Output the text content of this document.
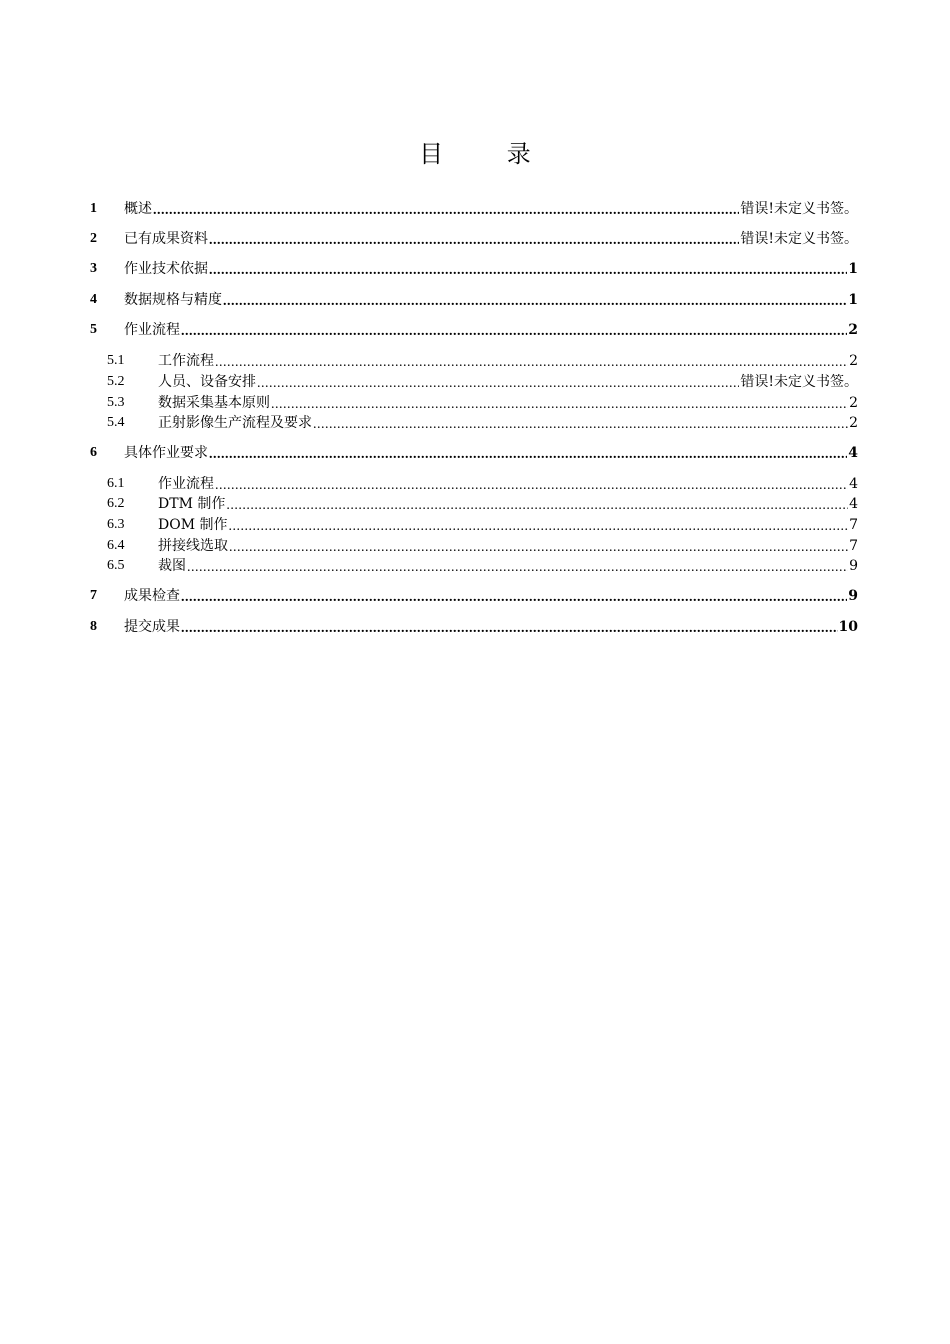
目 录
1 概述 .....	错误!未定义书签。
2 已有成果资料 .....	错误!未定义书签。
3 作业技术依据 .....	1
4 数据规格与精度 .....	1
5 作业流程 .....	2
5.1 工作流程 .....	2
5.2 人员、设备安排 .....	错误!未定义书签。
5.3 数据采集基本原则 .....	2
5.4 正射影像生产流程及要求 .....	2
6 具体作业要求 .....	4
6.1 作业流程 .....	4
6.2 DTM 制作 .....	4
6.3 DOM 制作 .....	7
6.4 拼接线选取 .....	7
6.5 裁图 .....	9
7 成果检查 .....	9
8 提交成果 .....	10
